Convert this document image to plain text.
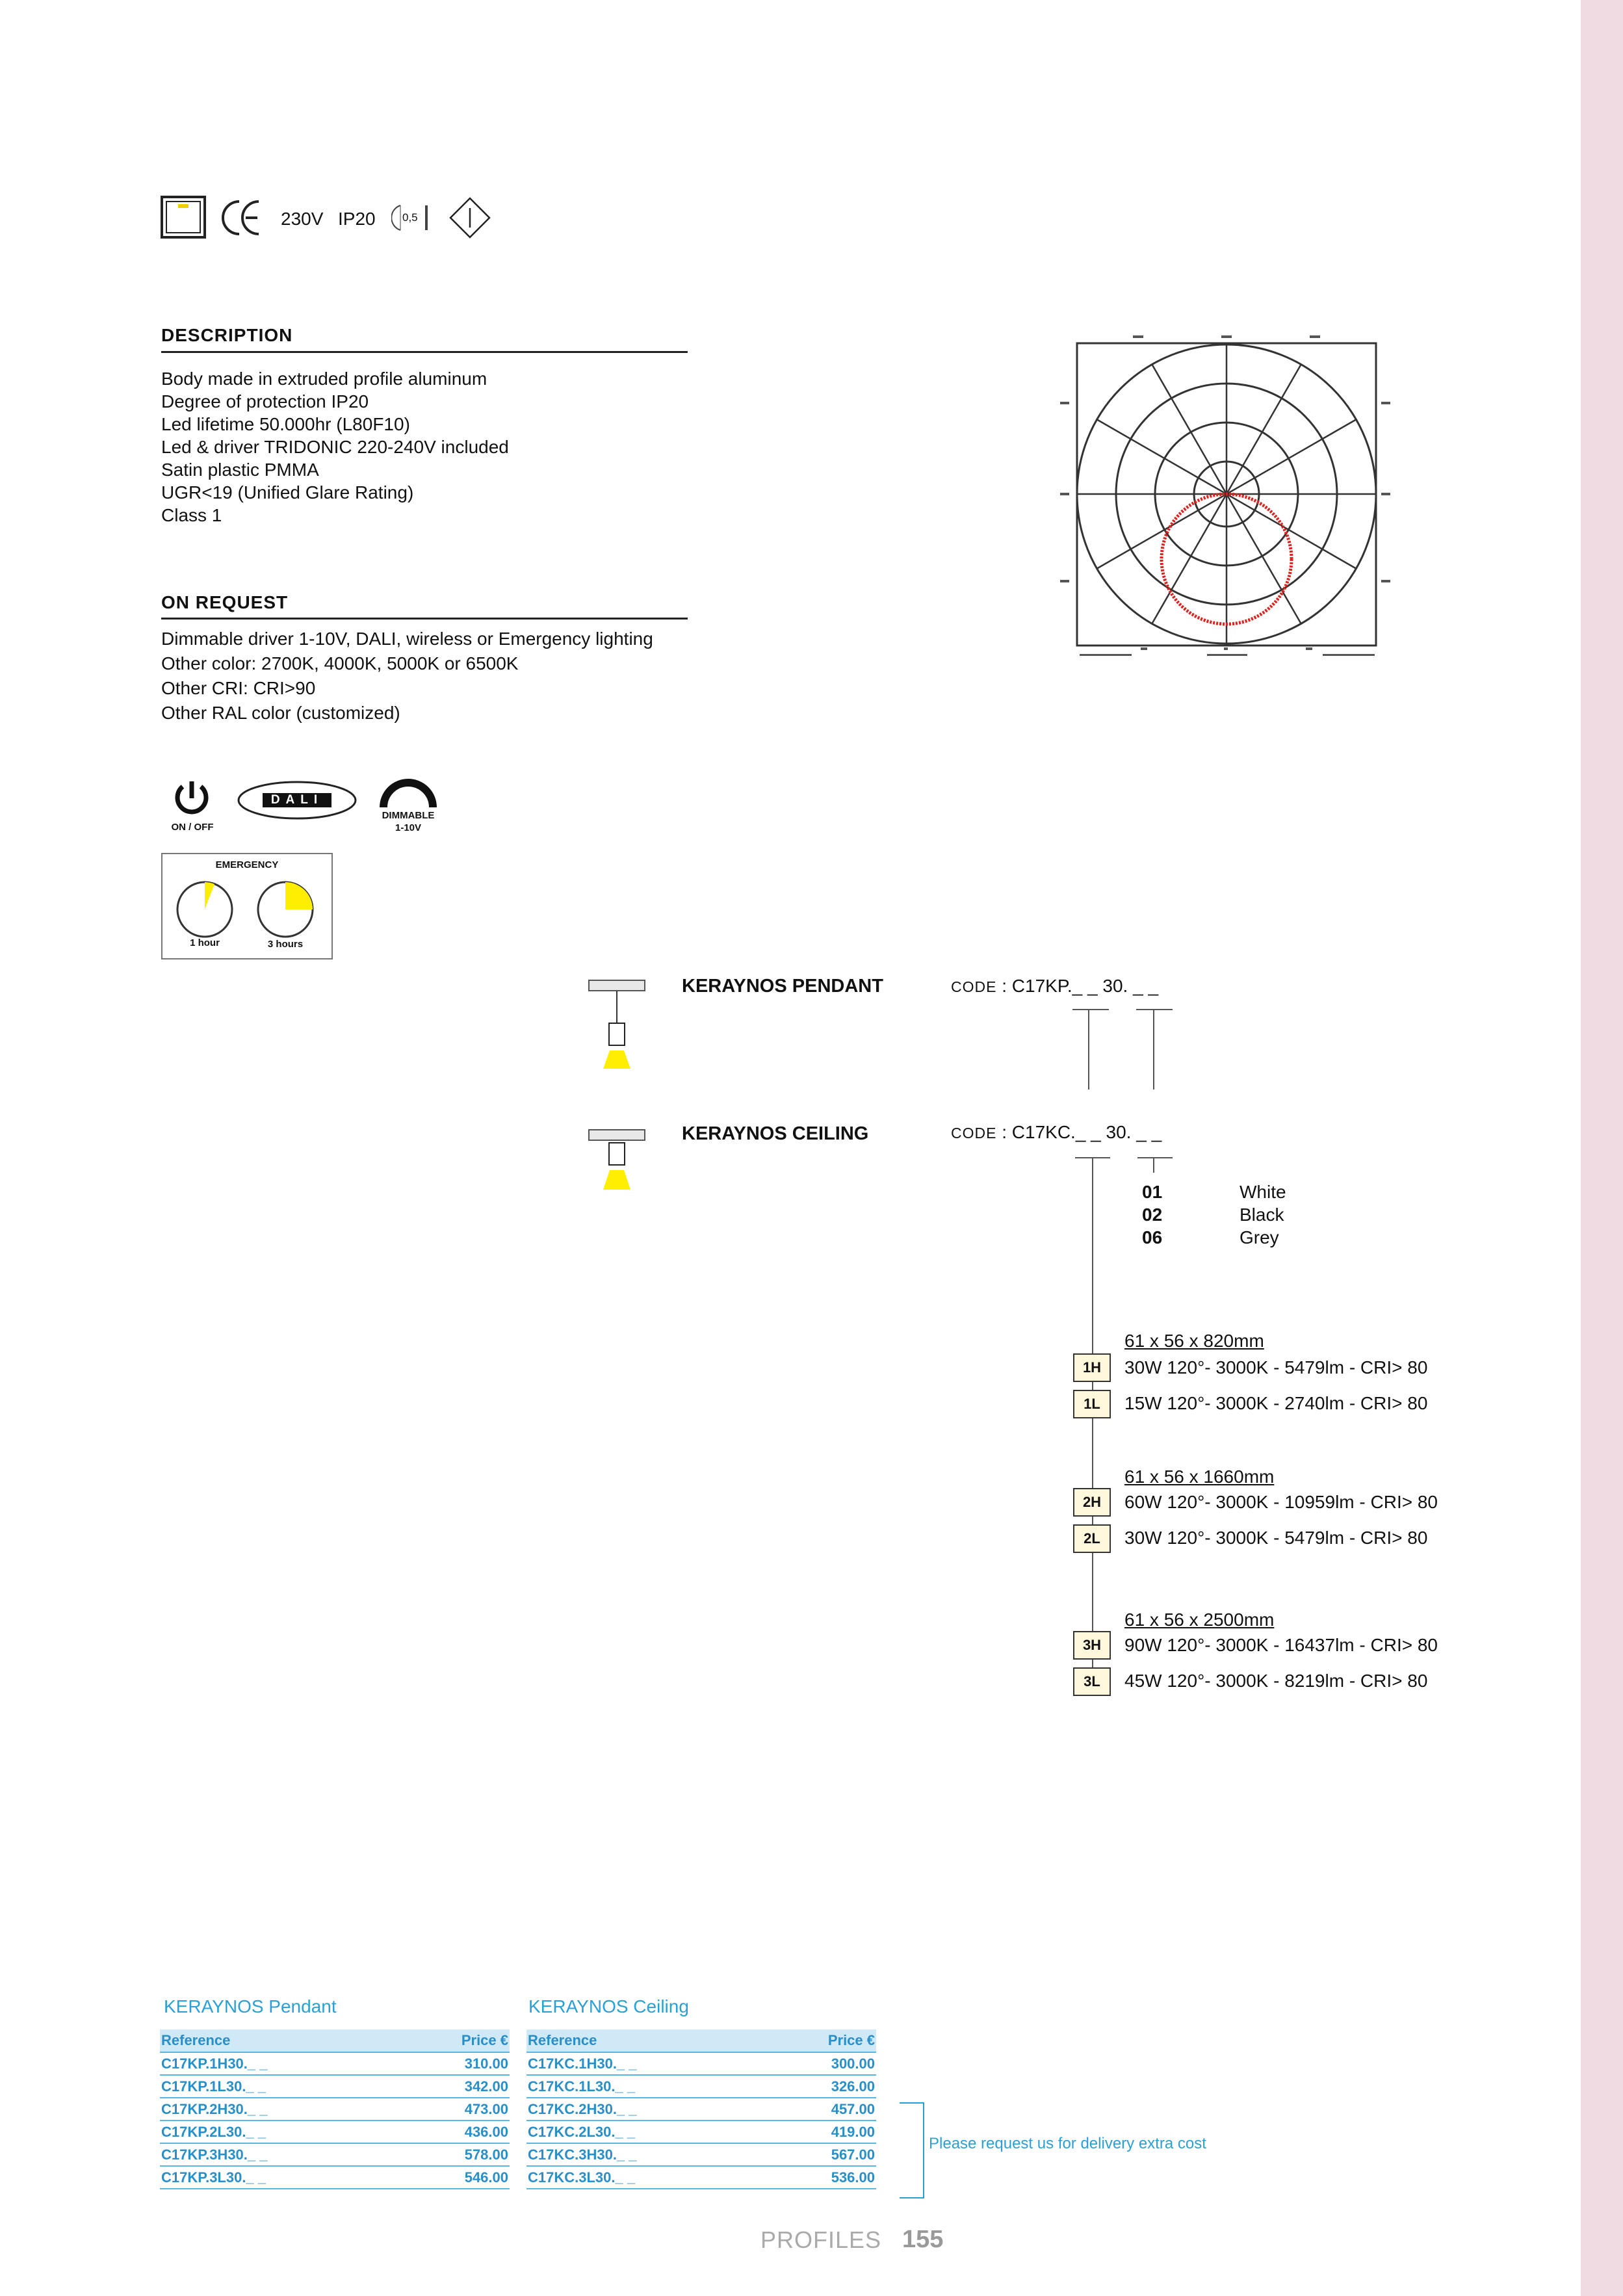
230V IP20 0,5
DESCRIPTION
Body made in extruded profile aluminum
Degree of protection IP20
Led lifetime 50.000hr (L80F10)
Led & driver TRIDONIC 220-240V included
Satin plastic PMMA
UGR<19 (Unified Glare Rating)
Class 1
ON REQUEST
Dimmable driver 1-10V, DALI, wireless or Emergency lighting
Other color: 2700K, 4000K, 5000K or 6500K
Other CRI: CRI>90
Other RAL color (customized)
ON / OFF
DALI
DIMMABLE
1-10V
EMERGENCY
1 hour	3 hours
KERAYNOS PENDANT	CODE : C17KP._ _ 30. _ _
KERAYNOS CEILING	CODE : C17KC._ _ 30. _ _
01	White
02	Black
06	Grey
61 x 56 x 820mm
1H	30W 120°- 3000K - 5479lm - CRI> 80
1L	15W 120°- 3000K - 2740lm - CRI> 80
61 x 56 x 1660mm
2H	60W 120°- 3000K - 10959lm - CRI> 80
2L	30W 120°- 3000K - 5479lm - CRI> 80
61 x 56 x 2500mm
3H	90W 120°- 3000K - 16437lm - CRI> 80
3L	45W 120°- 3000K - 8219lm - CRI> 80
KERAYNOS Pendant
Reference	Price €
C17KP.1H30._ _	310.00
C17KP.1L30._ _	342.00
C17KP.2H30._ _	473.00
C17KP.2L30._ _	436.00
C17KP.3H30._ _	578.00
C17KP.3L30._ _	546.00
KERAYNOS Ceiling
Reference	Price €
C17KC.1H30._ _	300.00
C17KC.1L30._ _	326.00
C17KC.2H30._ _	457.00
C17KC.2L30._ _	419.00
C17KC.3H30._ _	567.00
C17KC.3L30._ _	536.00
Please request us for delivery extra cost
PROFILES 155
